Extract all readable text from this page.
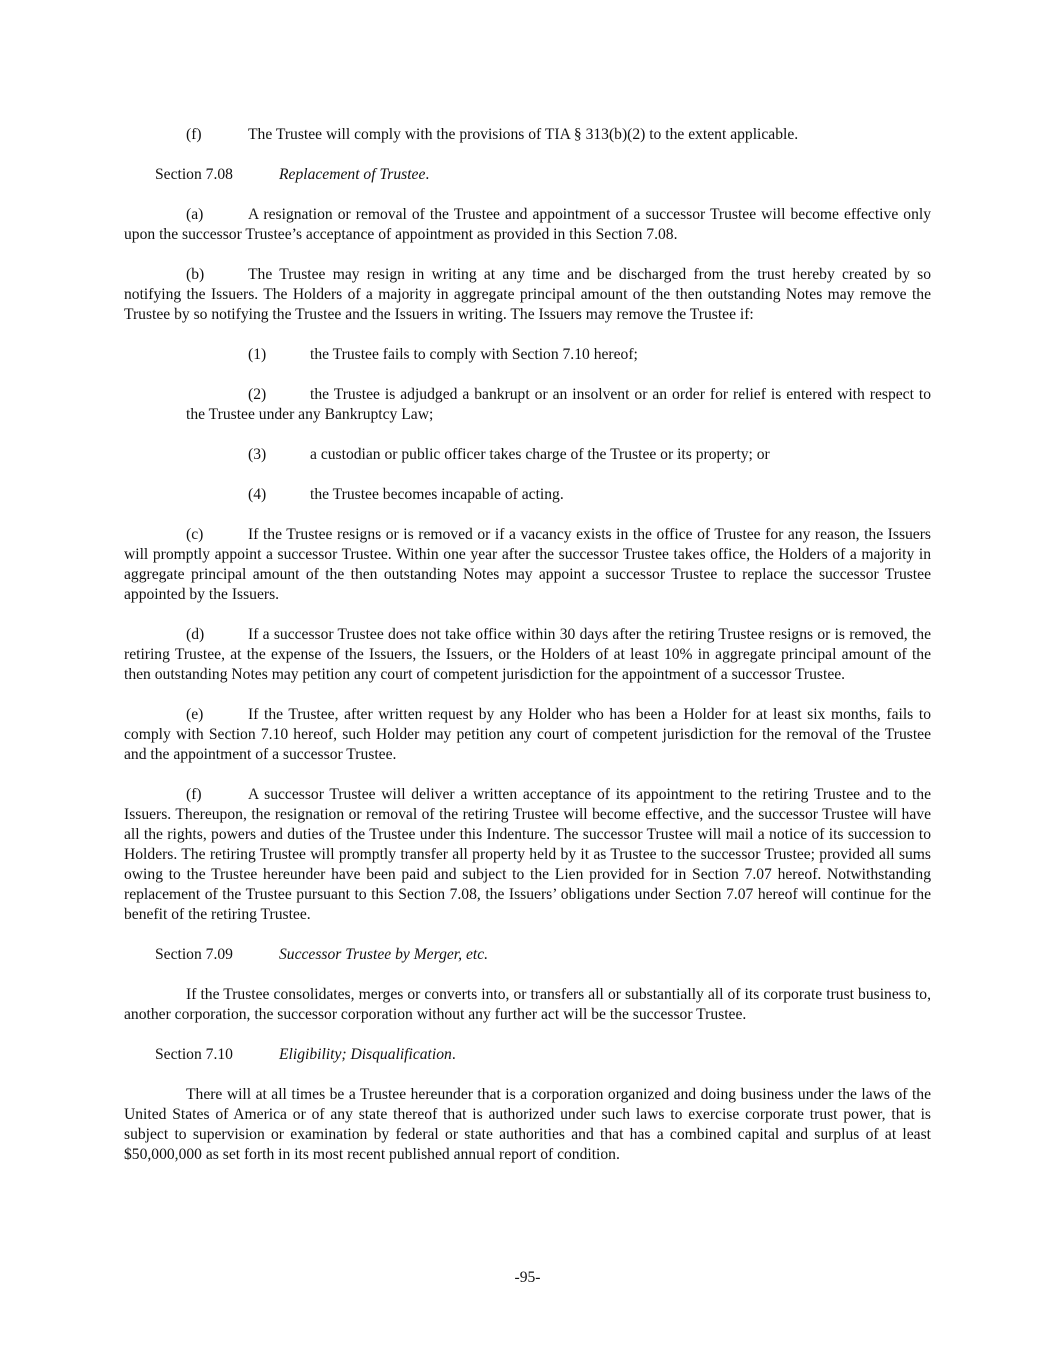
(f)	The Trustee will comply with the provisions of TIA § 313(b)(2) to the extent applicable.

Section 7.08	Replacement of Trustee.

(a)	A resignation or removal of the Trustee and appointment of a successor Trustee will become effective only upon the successor Trustee’s acceptance of appointment as provided in this Section 7.08.

(b)	The Trustee may resign in writing at any time and be discharged from the trust hereby created by so notifying the Issuers. The Holders of a majority in aggregate principal amount of the then outstanding Notes may remove the Trustee by so notifying the Trustee and the Issuers in writing. The Issuers may remove the Trustee if:

(1)	the Trustee fails to comply with Section 7.10 hereof;

(2)	the Trustee is adjudged a bankrupt or an insolvent or an order for relief is entered with respect to the Trustee under any Bankruptcy Law;

(3)	a custodian or public officer takes charge of the Trustee or its property; or

(4)	the Trustee becomes incapable of acting.

(c)	If the Trustee resigns or is removed or if a vacancy exists in the office of Trustee for any reason, the Issuers will promptly appoint a successor Trustee. Within one year after the successor Trustee takes office, the Holders of a majority in aggregate principal amount of the then outstanding Notes may appoint a successor Trustee to replace the successor Trustee appointed by the Issuers.

(d)	If a successor Trustee does not take office within 30 days after the retiring Trustee resigns or is removed, the retiring Trustee, at the expense of the Issuers, the Issuers, or the Holders of at least 10% in aggregate principal amount of the then outstanding Notes may petition any court of competent jurisdiction for the appointment of a successor Trustee.

(e)	If the Trustee, after written request by any Holder who has been a Holder for at least six months, fails to comply with Section 7.10 hereof, such Holder may petition any court of competent jurisdiction for the removal of the Trustee and the appointment of a successor Trustee.

(f)	A successor Trustee will deliver a written acceptance of its appointment to the retiring Trustee and to the Issuers. Thereupon, the resignation or removal of the retiring Trustee will become effective, and the successor Trustee will have all the rights, powers and duties of the Trustee under this Indenture. The successor Trustee will mail a notice of its succession to Holders. The retiring Trustee will promptly transfer all property held by it as Trustee to the successor Trustee; provided all sums owing to the Trustee hereunder have been paid and subject to the Lien provided for in Section 7.07 hereof. Notwithstanding replacement of the Trustee pursuant to this Section 7.08, the Issuers’ obligations under Section 7.07 hereof will continue for the benefit of the retiring Trustee.

Section 7.09	Successor Trustee by Merger, etc.

If the Trustee consolidates, merges or converts into, or transfers all or substantially all of its corporate trust business to, another corporation, the successor corporation without any further act will be the successor Trustee.

Section 7.10	Eligibility; Disqualification.

There will at all times be a Trustee hereunder that is a corporation organized and doing business under the laws of the United States of America or of any state thereof that is authorized under such laws to exercise corporate trust power, that is subject to supervision or examination by federal or state authorities and that has a combined capital and surplus of at least $50,000,000 as set forth in its most recent published annual report of condition.

-95-
